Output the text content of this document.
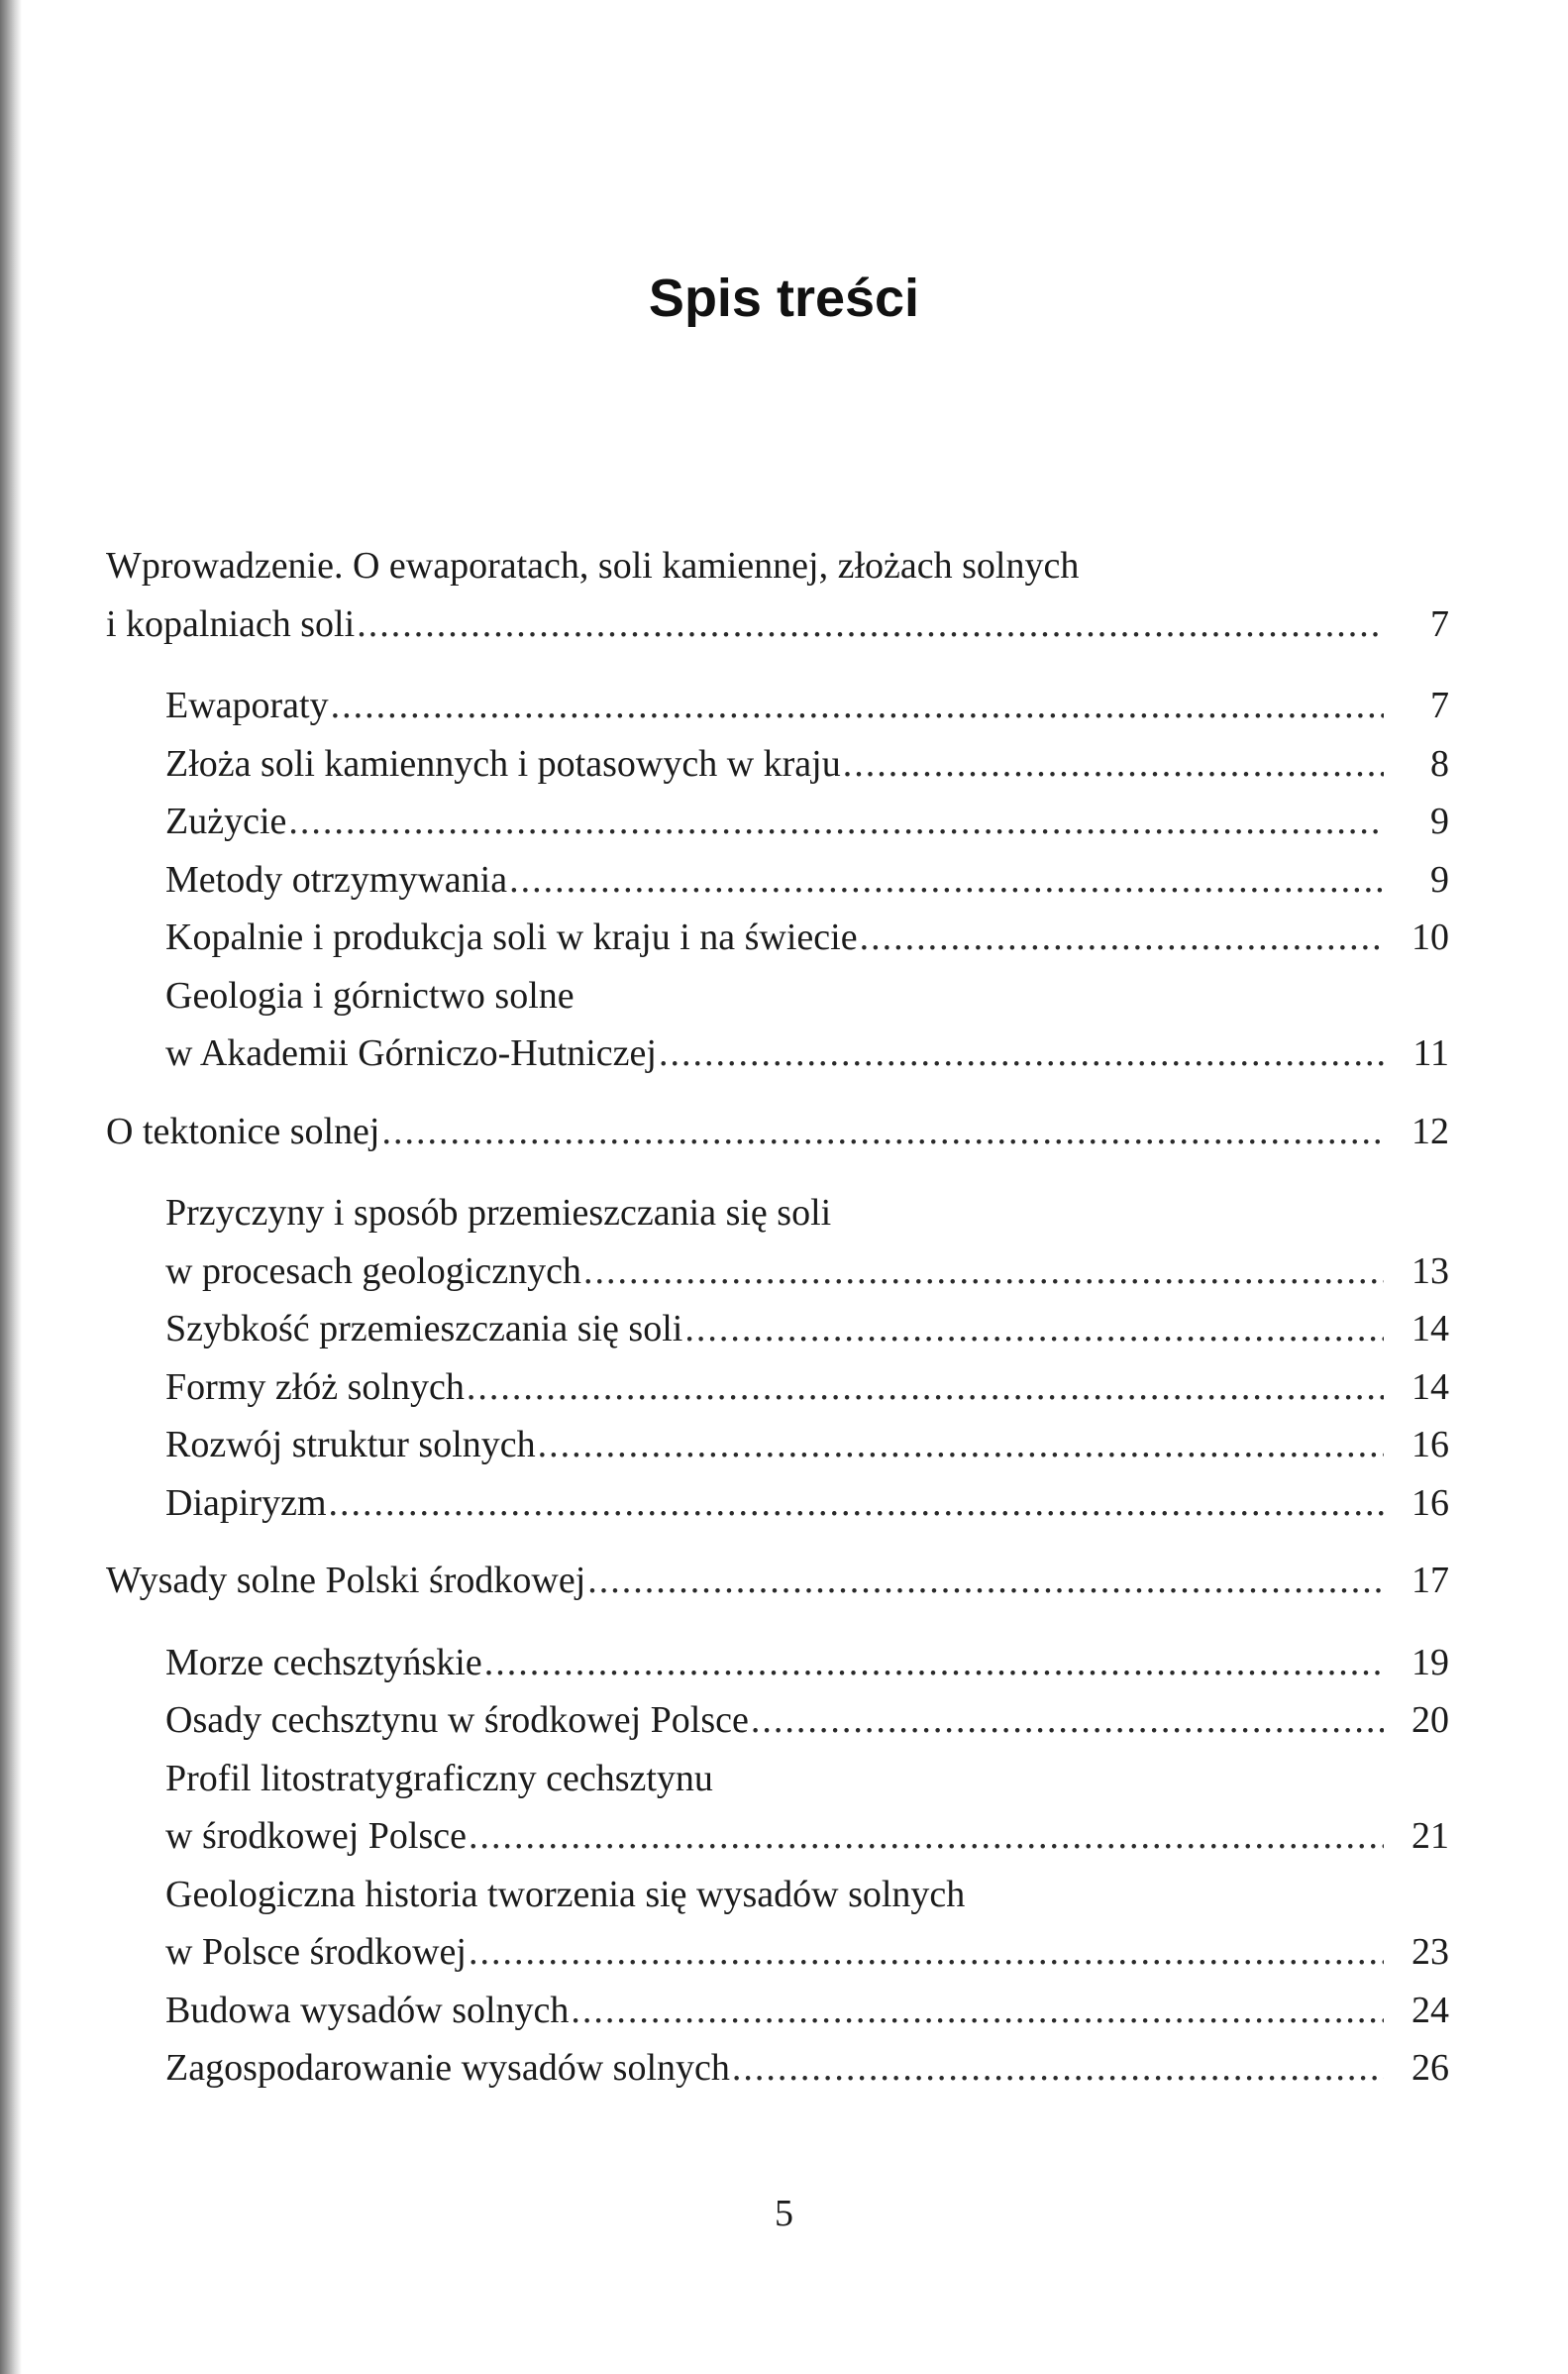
Spis treści
Wprowadzenie. O ewaporatach, soli kamiennej, złożach solnych
i kopalniach soli .....	7
Ewaporaty .....	7
Złoża soli kamiennych i potasowych w kraju .....	8
Zużycie .....	9
Metody otrzymywania .....	9
Kopalnie i produkcja soli w kraju i na świecie .....	10
Geologia i górnictwo solne
w Akademii Górniczo-Hutniczej .....	11
O tektonice solnej .....	12
Przyczyny i sposób przemieszczania się soli
w procesach geologicznych .....	13
Szybkość przemieszczania się soli .....	14
Formy złóż solnych .....	14
Rozwój struktur solnych .....	16
Diapiryzm .....	16
Wysady solne Polski środkowej .....	17
Morze cechsztyńskie .....	19
Osady cechsztynu w środkowej Polsce .....	20
Profil litostratygraficzny cechsztynu
w środkowej Polsce .....	21
Geologiczna historia tworzenia się wysadów solnych
w Polsce środkowej .....	23
Budowa wysadów solnych .....	24
Zagospodarowanie wysadów solnych .....	26
5
